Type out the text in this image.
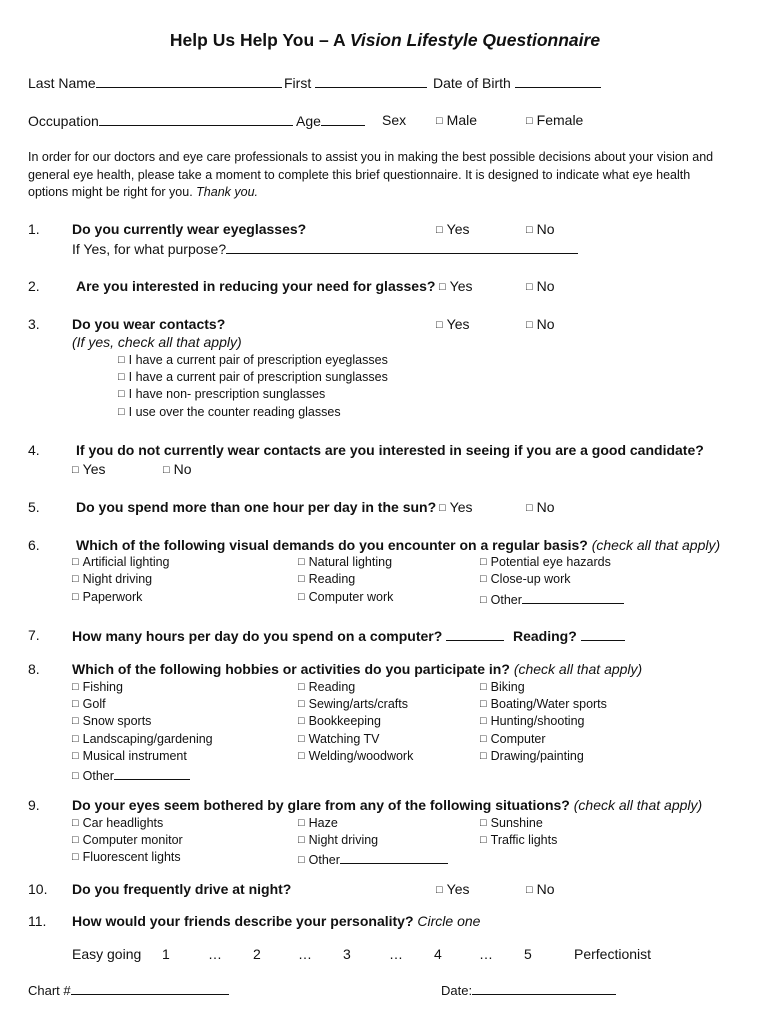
Help Us Help You – A Vision Lifestyle Questionnaire
Last Name	First	Date of Birth
Occupation	Age	Sex	□ Male	□ Female
In order for our doctors and eye care professionals to assist you in making the best possible decisions about your vision and general eye health, please take a moment to complete this brief questionnaire. It is designed to indicate what eye health options might be right for you. Thank you.
1. Do you currently wear eyeglasses?	□ Yes	□ No
If Yes, for what purpose?
2.	Are you interested in reducing your need for glasses?	□ Yes	□ No
3. Do you wear contacts?	□ Yes	□ No
(If yes, check all that apply)
□ I have a current pair of prescription eyeglasses
□ I have a current pair of prescription sunglasses
□ I have non- prescription sunglasses
□ I use over the counter reading glasses
4.	If you do not currently wear contacts are you interested in seeing if you are a good candidate?
□ Yes	□ No
5.	Do you spend more than one hour per day in the sun? □ Yes	□ No
6.	Which of the following visual demands do you encounter on a regular basis? (check all that apply)
□ Artificial lighting
□ Night driving
□ Paperwork
□ Natural lighting
□ Reading
□ Computer work
□ Potential eye hazards
□ Close-up work
□ Other
7. How many hours per day do you spend on a computer?	Reading?
8. Which of the following hobbies or activities do you participate in? (check all that apply)
□ Fishing
□ Golf
□ Snow sports
□ Landscaping/gardening
□ Musical instrument
□ Other
□ Reading
□ Sewing/arts/crafts
□ Bookkeeping
□ Watching TV
□ Welding/woodwork
□ Biking
□ Boating/Water sports
□ Hunting/shooting
□ Computer
□ Drawing/painting
9. Do your eyes seem bothered by glare from any of the following situations? (check all that apply)
□ Car headlights
□ Computer monitor
□ Fluorescent lights
□ Haze
□ Night driving
□ Other
□ Sunshine
□ Traffic lights
10. Do you frequently drive at night?	□ Yes	□ No
11. How would your friends describe your personality? Circle one
Easy going 1	… 2	… 3	… 4	… 5	Perfectionist
Chart #	Date:
